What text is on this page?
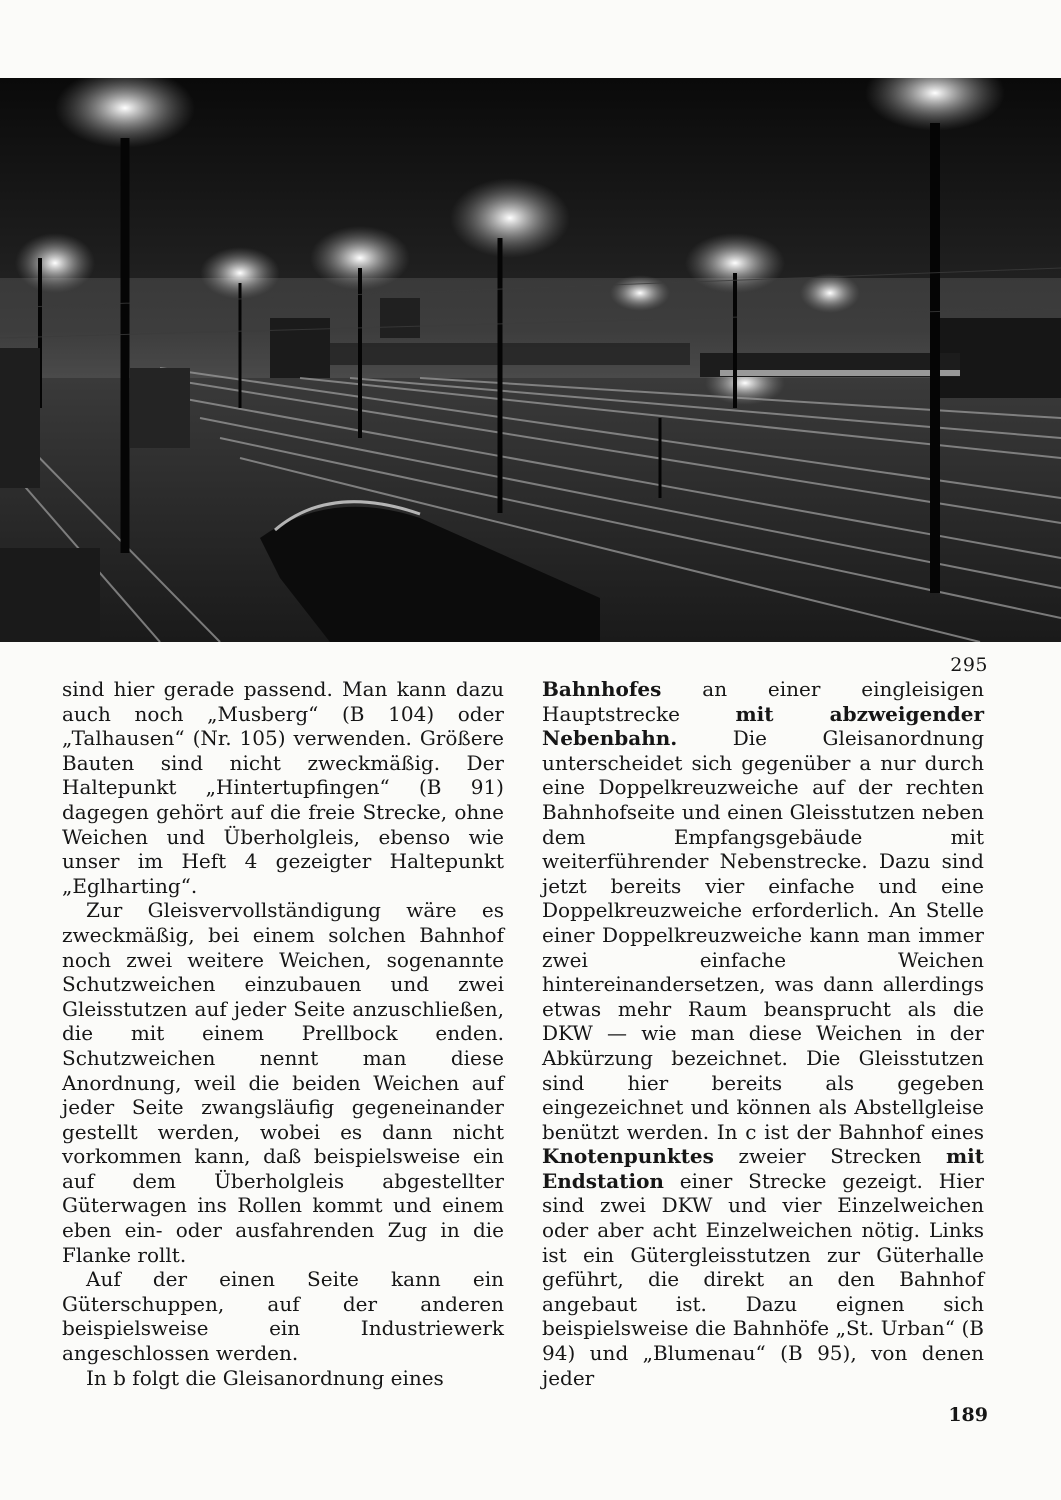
295

sind hier gerade passend. Man kann dazu auch noch „Musberg“ (B 104) oder „Talhausen“ (Nr. 105) verwenden. Größere Bauten sind nicht zweckmäßig. Der Haltepunkt „Hintertupfingen“ (B 91) dagegen gehört auf die freie Strecke, ohne Weichen und Überholgleis, ebenso wie unser im Heft 4 gezeigter Haltepunkt „Eglharting“.

Zur Gleisvervollständigung wäre es zweckmäßig, bei einem solchen Bahnhof noch zwei weitere Weichen, sogenannte Schutzweichen einzubauen und zwei Gleisstutzen auf jeder Seite anzuschließen, die mit einem Prellbock enden. Schutzweichen nennt man diese Anordnung, weil die beiden Weichen auf jeder Seite zwangsläufig gegeneinander gestellt werden, wobei es dann nicht vorkommen kann, daß beispielsweise ein auf dem Überholgleis abgestellter Güterwagen ins Rollen kommt und einem eben ein- oder ausfahrenden Zug in die Flanke rollt.

Auf der einen Seite kann ein Güterschuppen, auf der anderen beispielsweise ein Industriewerk angeschlossen werden.

In b folgt die Gleisanordnung eines

Bahnhofes an einer eingleisigen Hauptstrecke mit abzweigender Nebenbahn. Die Gleisanordnung unterscheidet sich gegenüber a nur durch eine Doppelkreuzweiche auf der rechten Bahnhofseite und einen Gleisstutzen neben dem Empfangsgebäude mit weiterführender Nebenstrecke. Dazu sind jetzt bereits vier einfache und eine Doppelkreuzweiche erforderlich. An Stelle einer Doppelkreuzweiche kann man immer zwei einfache Weichen hintereinandersetzen, was dann allerdings etwas mehr Raum beansprucht als die DKW — wie man diese Weichen in der Abkürzung bezeichnet. Die Gleisstutzen sind hier bereits als gegeben eingezeichnet und können als Abstellgleise benützt werden. In c ist der Bahnhof eines Knotenpunktes zweier Strecken mit Endstation einer Strecke gezeigt. Hier sind zwei DKW und vier Einzelweichen oder aber acht Einzelweichen nötig. Links ist ein Gütergleisstutzen zur Güterhalle geführt, die direkt an den Bahnhof angebaut ist. Dazu eignen sich beispielsweise die Bahnhöfe „St. Urban“ (B 94) und „Blumenau“ (B 95), von denen jeder

189
